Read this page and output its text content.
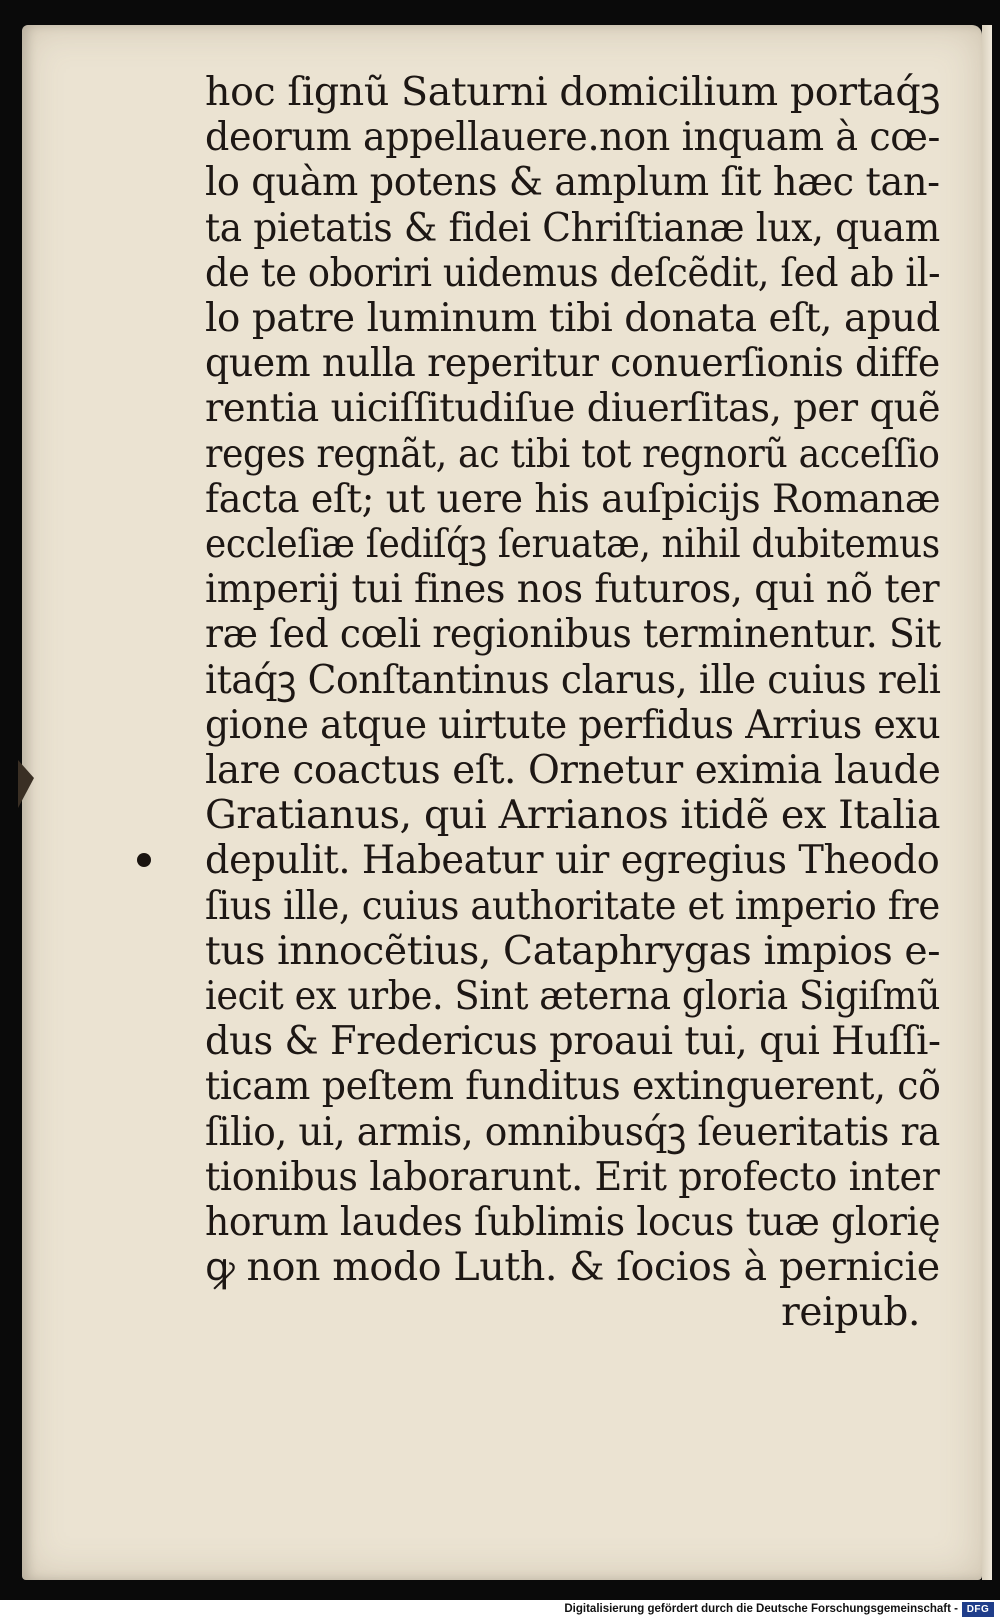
hoc ſignũ Saturni domicilium portaq́ꝫ
deorum appellauere.non inquam à cœ-
lo quàm potens & amplum ſit hæc tan-
ta pietatis & fidei Chriſtianæ lux, quam
de te oboriri uidemus deſcẽdit, ſed ab il-
lo patre luminum tibi donata eſt, apud
quem nulla reperitur conuerſionis diffe
rentia uiciſſitudiſue diuerſitas, per quẽ
reges regnãt, ac tibi tot regnorũ acceſſio
facta eſt; ut uere his auſpicijs Romanæ
eccleſiæ ſediſq́ꝫ ſeruatæ, nihil dubitemus
imperij tui fines nos futuros, qui nõ ter
ræ ſed cœli regionibus terminentur. Sit
itaq́ꝫ Conſtantinus clarus, ille cuius reli
gione atque uirtute perfidus Arrius exu
lare coactus eſt. Ornetur eximia laude
Gratianus, qui Arrianos itidẽ ex Italia
depulit. Habeatur uir egregius Theodo
ſius ille, cuius authoritate et imperio fre
tus innocẽtius, Cataphrygas impios e-
iecit ex urbe. Sint æterna gloria Sigiſmũ
dus & Fredericus proaui tui, qui Huſſi-
ticam peſtem funditus extinguerent, cõ
ſilio, ui, armis, omnibusq́ꝫ ſeueritatis ra
tionibus laborarunt. Erit profecto inter
horum laudes ſublimis locus tuæ glorię
ꝙ non modo Luth. & ſocios à pernicie
reipub.
Digitalisierung gefördert durch die Deutsche Forschungsgemeinschaft - DFG
